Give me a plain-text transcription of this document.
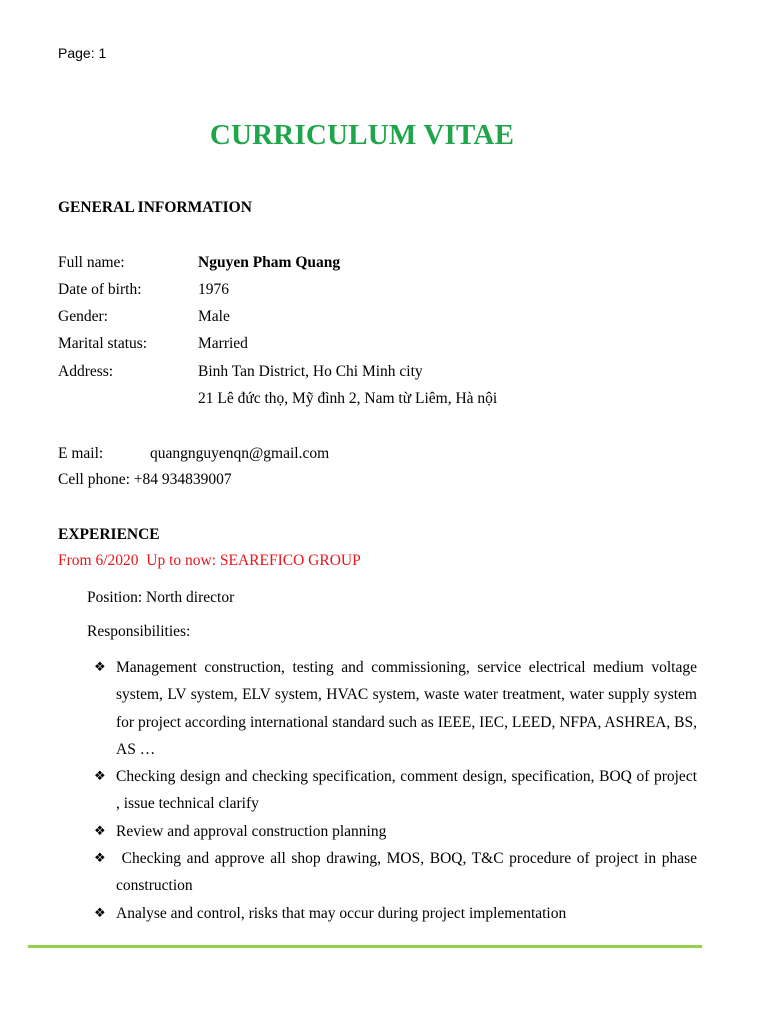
Page: 1
CURRICULUM VITAE
GENERAL INFORMATION
Full name:	Nguyen Pham Quang
Date of birth:	1976
Gender:	Male
Marital status:	Married
Address:	Binh Tan District, Ho Chi Minh city
21 Lê đức thọ, Mỹ đình 2, Nam từ Liêm, Hà nội
E mail:	quangnguyenqn@gmail.com
Cell phone: +84 934839007
EXPERIENCE
From 6/2020  Up to now: SEAREFICO GROUP
Position: North director
Responsibilities:
❖ Management construction, testing and commissioning, service electrical medium voltage system, LV system, ELV system, HVAC system, waste water treatment, water supply system for project according international standard such as IEEE, IEC, LEED, NFPA, ASHREA, BS, AS …
❖ Checking design and checking specification, comment design, specification, BOQ of project , issue technical clarify
❖ Review and approval construction planning
❖ Checking and approve all shop drawing, MOS, BOQ, T&C procedure of project in phase construction
❖ Analyse and control, risks that may occur during project implementation
